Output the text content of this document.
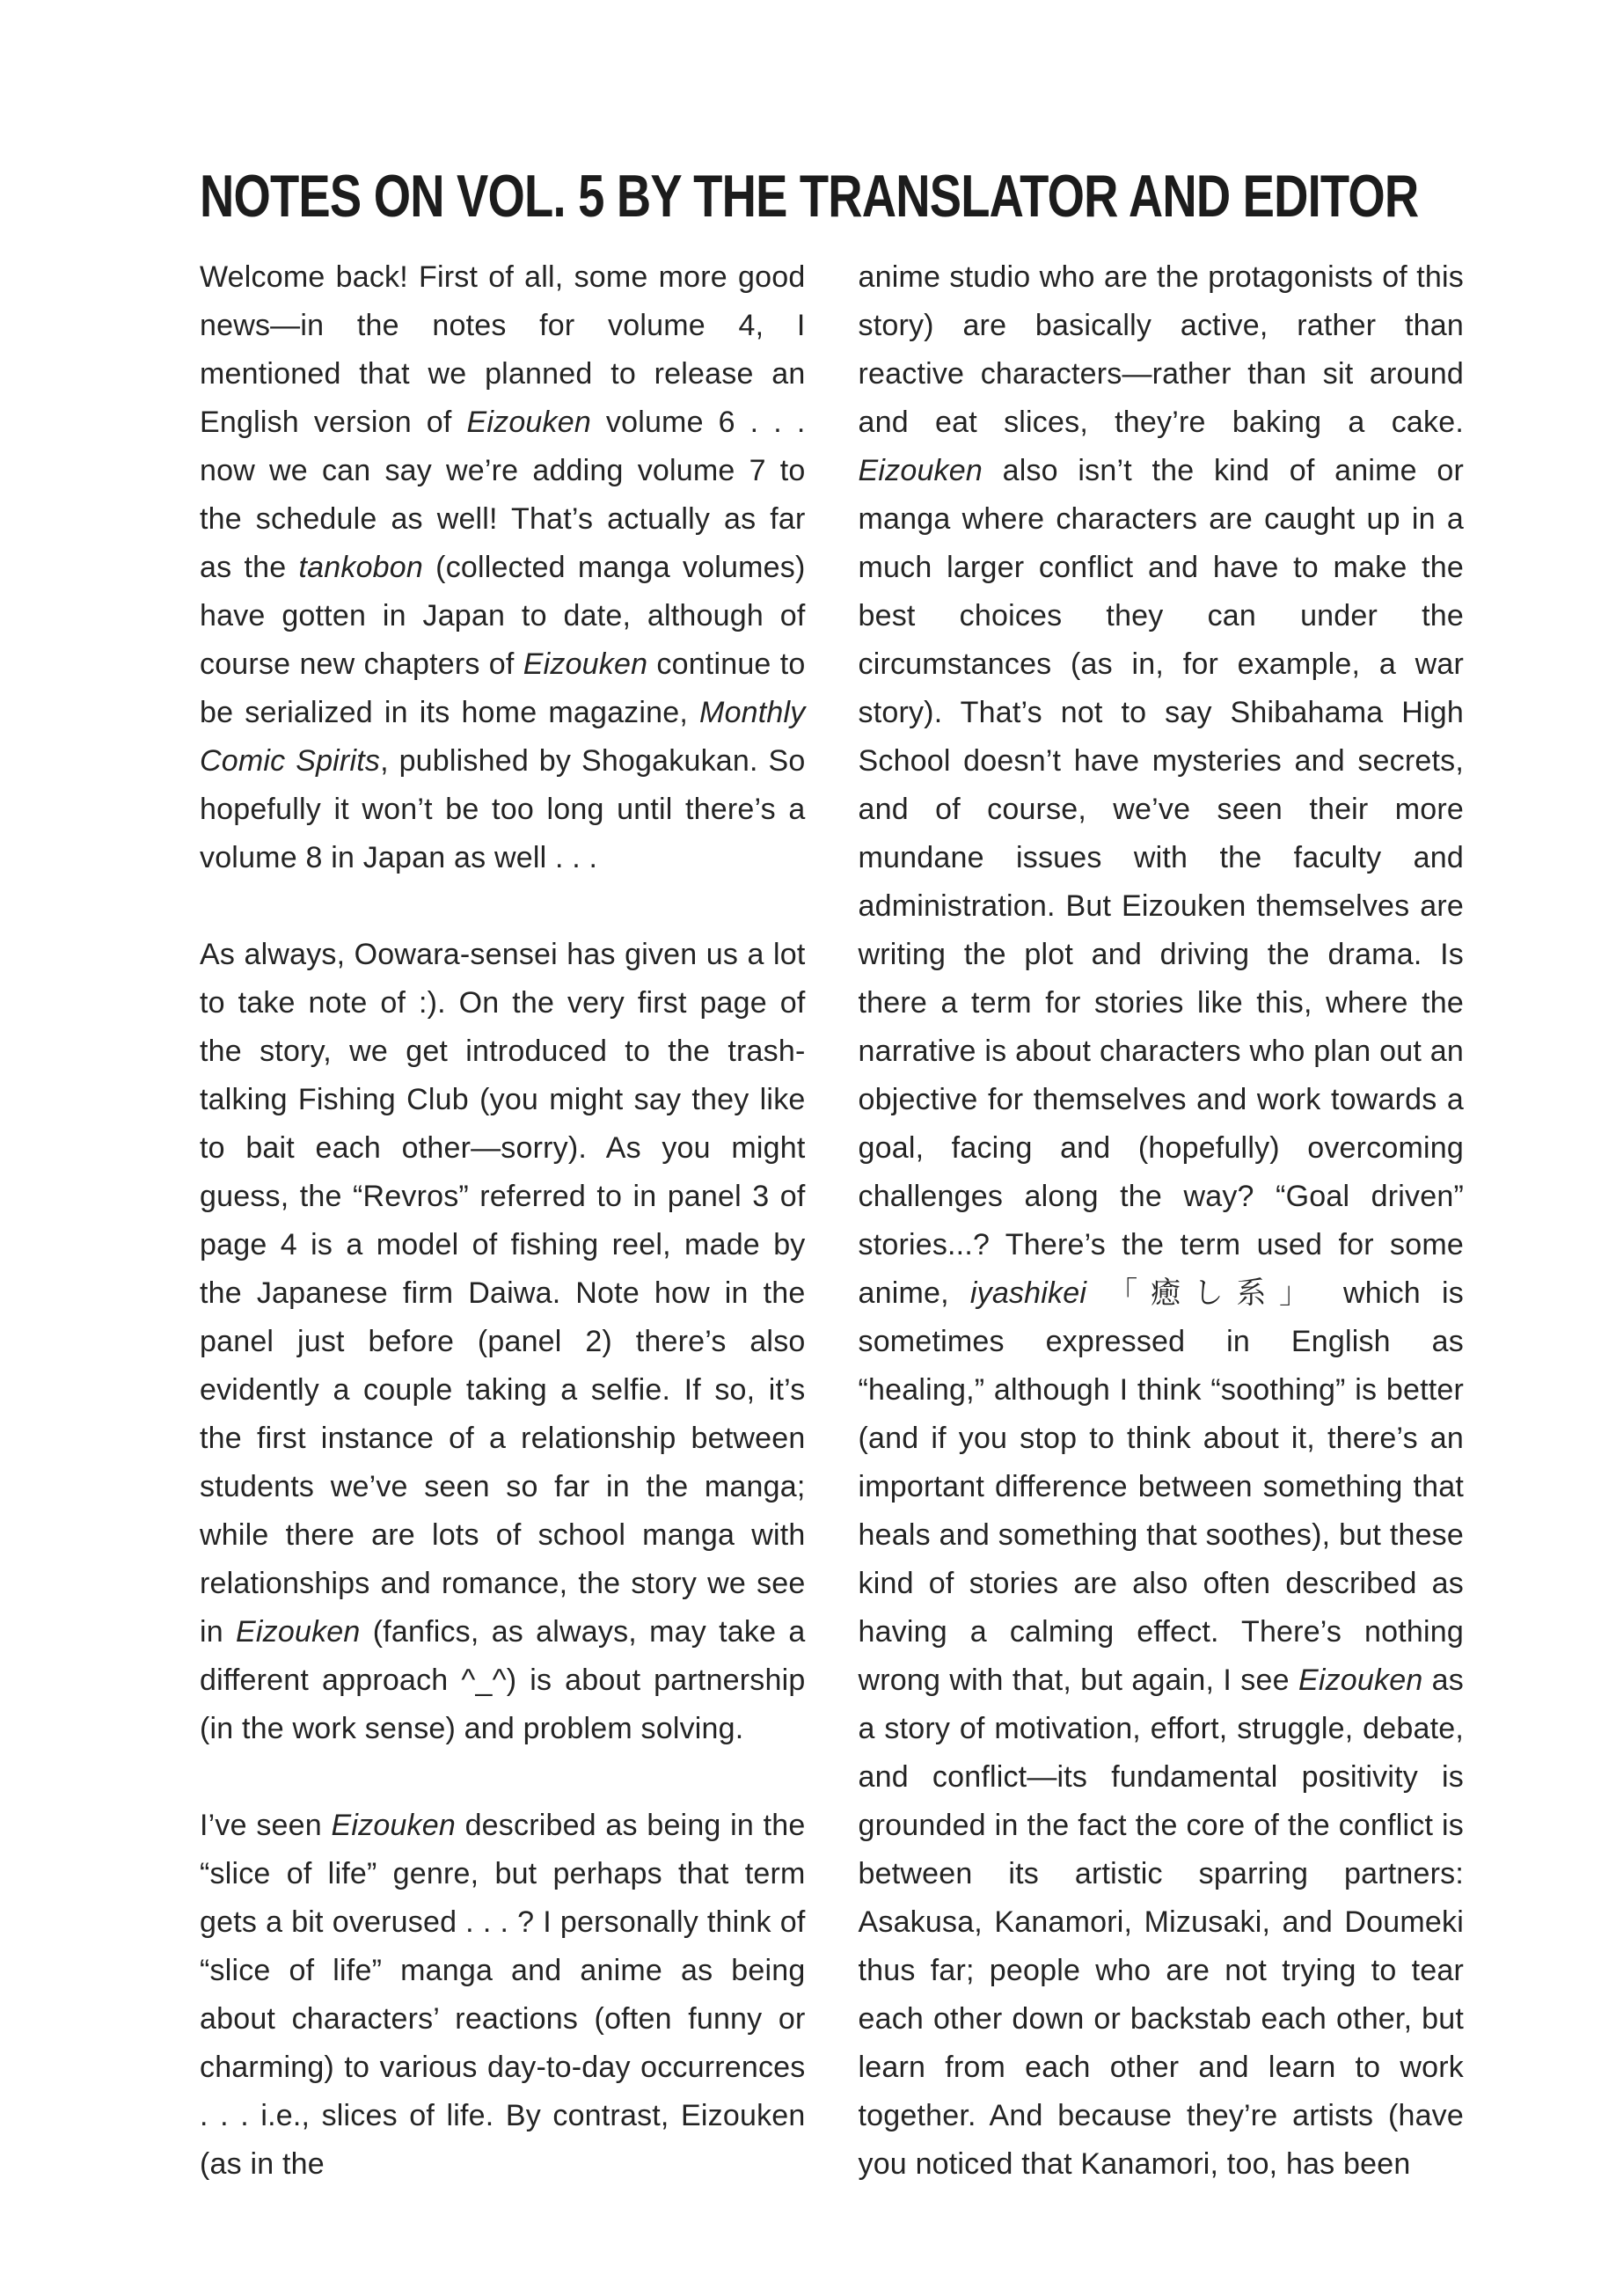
NOTES ON VOL. 5 BY THE TRANSLATOR AND EDITOR

Welcome back! First of all, some more good news—in the notes for volume 4, I mentioned that we planned to release an English version of Eizouken volume 6 . . . now we can say we’re adding volume 7 to the schedule as well! That’s actually as far as the tankobon (collected manga volumes) have gotten in Japan to date, although of course new chapters of Eizouken continue to be serialized in its home magazine, Monthly Comic Spirits, published by Shogakukan. So hopefully it won’t be too long until there’s a volume 8 in Japan as well . . .

As always, Oowara-sensei has given us a lot to take note of :). On the very first page of the story, we get introduced to the trash-talking Fishing Club (you might say they like to bait each other—sorry). As you might guess, the “Revros” referred to in panel 3 of page 4 is a model of fishing reel, made by the Japanese firm Daiwa. Note how in the panel just before (panel 2) there’s also evidently a couple taking a selfie. If so, it’s the first instance of a relationship between students we’ve seen so far in the manga; while there are lots of school manga with relationships and romance, the story we see in Eizouken (fanfics, as always, may take a different approach ^_^) is about partnership (in the work sense) and problem solving.

I’ve seen Eizouken described as being in the “slice of life” genre, but perhaps that term gets a bit overused . . . ? I personally think of “slice of life” manga and anime as being about characters’ reactions (often funny or charming) to various day-to-day occurrences . . . i.e., slices of life. By contrast, Eizouken (as in the

anime studio who are the protagonists of this story) are basically active, rather than reactive characters—rather than sit around and eat slices, they’re baking a cake. Eizouken also isn’t the kind of anime or manga where characters are caught up in a much larger conflict and have to make the best choices they can under the circumstances (as in, for example, a war story). That’s not to say Shibahama High School doesn’t have mysteries and secrets, and of course, we’ve seen their more mundane issues with the faculty and administration. But Eizouken themselves are writing the plot and driving the drama. Is there a term for stories like this, where the narrative is about characters who plan out an objective for themselves and work towards a goal, facing and (hopefully) overcoming challenges along the way? “Goal driven” stories...? There’s the term used for some anime, iyashikei 「癒し系」 which is sometimes expressed in English as “healing,” although I think “soothing” is better (and if you stop to think about it, there’s an important difference between something that heals and something that soothes), but these kind of stories are also often described as having a calming effect. There’s nothing wrong with that, but again, I see Eizouken as a story of motivation, effort, struggle, debate, and conflict—its fundamental positivity is grounded in the fact the core of the conflict is between its artistic sparring partners: Asakusa, Kanamori, Mizusaki, and Doumeki thus far; people who are not trying to tear each other down or backstab each other, but learn from each other and learn to work together. And because they’re artists (have you noticed that Kanamori, too, has been
